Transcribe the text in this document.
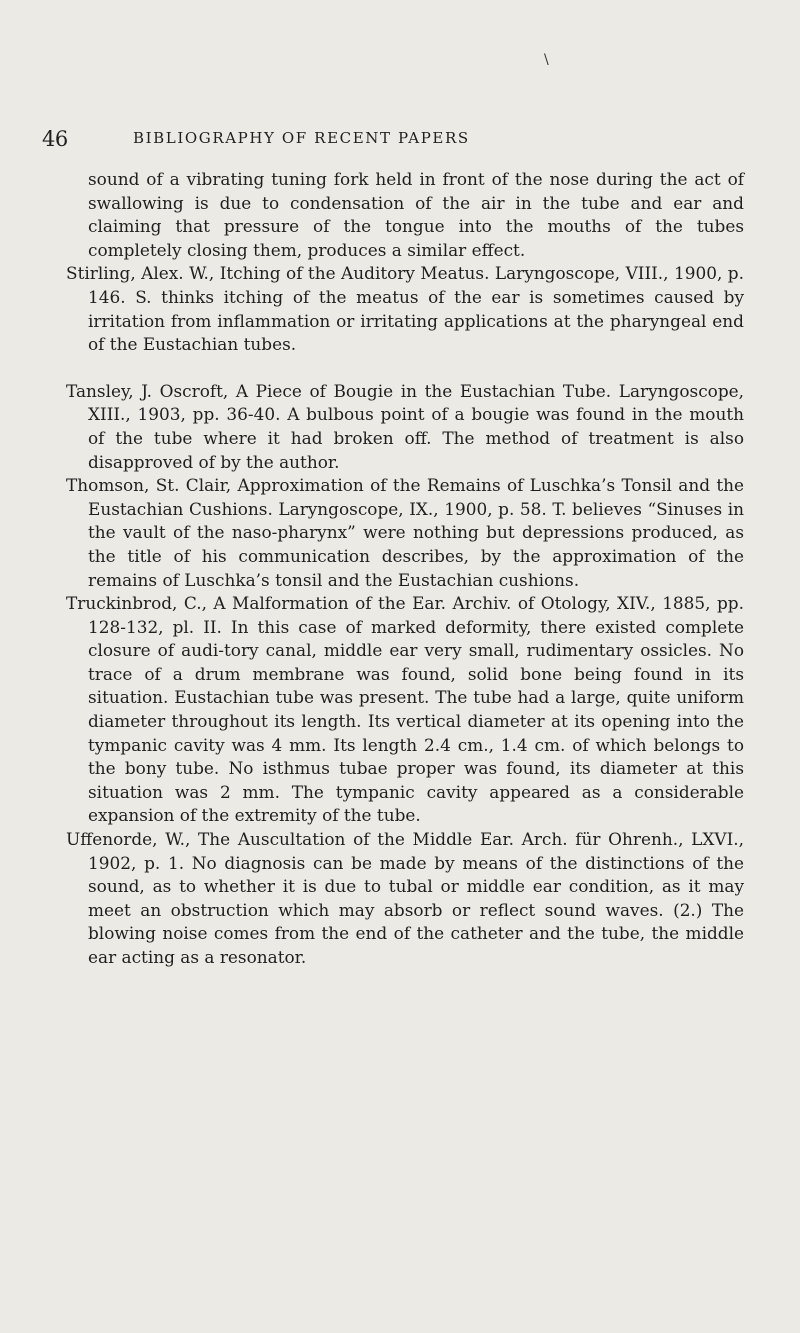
\
46	BIBLIOGRAPHY OF RECENT PAPERS

sound of a vibrating tuning fork held in front of the nose during the act of swallowing is due to condensation of the air in the tube and ear and claiming that pressure of the tongue into the mouths of the tubes completely closing them, produces a similar effect.

Stirling, Alex. W., Itching of the Auditory Meatus. Laryngoscope, VIII., 1900, p. 146. S. thinks itching of the meatus of the ear is sometimes caused by irritation from inflammation or irritating applications at the pharyngeal end of the Eustachian tubes.

Tansley, J. Oscroft, A Piece of Bougie in the Eustachian Tube. Laryngoscope, XIII., 1903, pp. 36-40. A bulbous point of a bougie was found in the mouth of the tube where it had broken off. The method of treatment is also disapproved of by the author.

Thomson, St. Clair, Approximation of the Remains of Luschka’s Tonsil and the Eustachian Cushions. Laryngoscope, IX., 1900, p. 58. T. believes “Sinuses in the vault of the naso-pharynx” were nothing but depressions produced, as the title of his communication describes, by the approximation of the remains of Luschka’s tonsil and the Eustachian cushions.

Truckinbrod, C., A Malformation of the Ear. Archiv. of Otology, XIV., 1885, pp. 128-132, pl. II. In this case of marked deformity, there existed complete closure of audi-tory canal, middle ear very small, rudimentary ossicles. No trace of a drum membrane was found, solid bone being found in its situation. Eustachian tube was present. The tube had a large, quite uniform diameter throughout its length. Its vertical diameter at its opening into the tympanic cavity was 4 mm. Its length 2.4 cm., 1.4 cm. of which belongs to the bony tube. No isthmus tubae proper was found, its diameter at this situation was 2 mm. The tympanic cavity appeared as a considerable expansion of the extremity of the tube.

Uffenorde, W., The Auscultation of the Middle Ear. Arch. für Ohrenh., LXVI., 1902, p. 1. No diagnosis can be made by means of the distinctions of the sound, as to whether it is due to tubal or middle ear condition, as it may meet an obstruction which may absorb or reflect sound waves. (2.) The blowing noise comes from the end of the catheter and the tube, the middle ear acting as a resonator.
